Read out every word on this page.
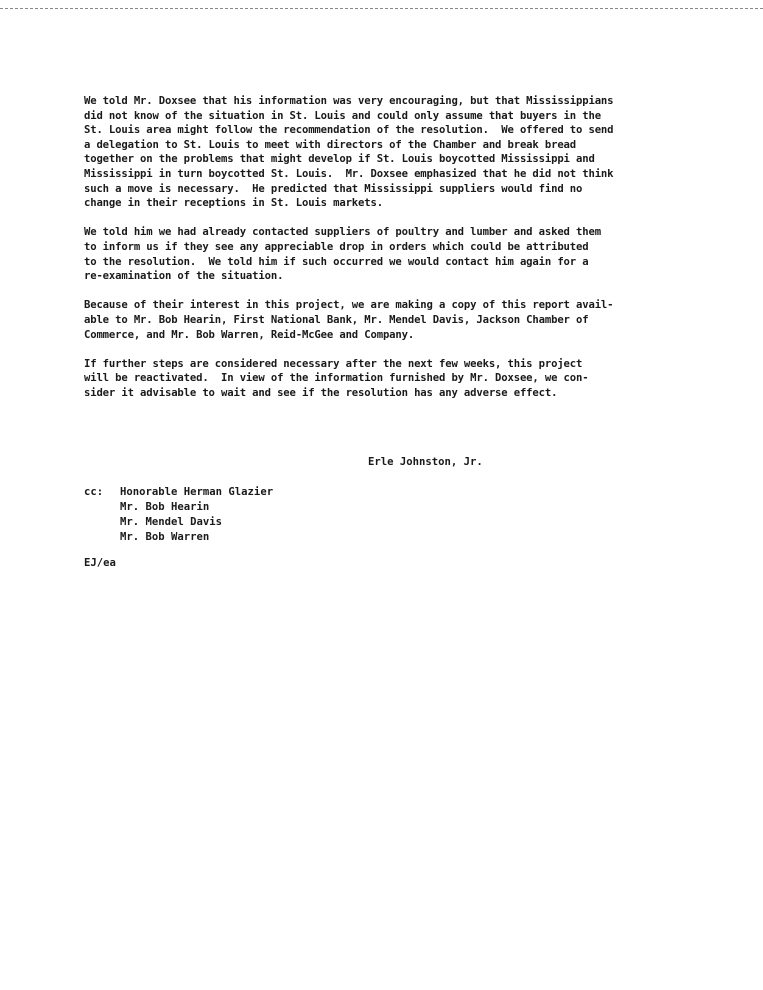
We told Mr. Doxsee that his information was very encouraging, but that Mississippians
did not know of the situation in St. Louis and could only assume that buyers in the
St. Louis area might follow the recommendation of the resolution.  We offered to send
a delegation to St. Louis to meet with directors of the Chamber and break bread
together on the problems that might develop if St. Louis boycotted Mississippi and
Mississippi in turn boycotted St. Louis.  Mr. Doxsee emphasized that he did not think
such a move is necessary.  He predicted that Mississippi suppliers would find no
change in their receptions in St. Louis markets.

We told him we had already contacted suppliers of poultry and lumber and asked them
to inform us if they see any appreciable drop in orders which could be attributed
to the resolution.  We told him if such occurred we would contact him again for a
re-examination of the situation.

Because of their interest in this project, we are making a copy of this report avail-
able to Mr. Bob Hearin, First National Bank, Mr. Mendel Davis, Jackson Chamber of
Commerce, and Mr. Bob Warren, Reid-McGee and Company.

If further steps are considered necessary after the next few weeks, this project
will be reactivated.  In view of the information furnished by Mr. Doxsee, we con-
sider it advisable to wait and see if the resolution has any adverse effect.

Erle Johnston, Jr.
cc: Honorable Herman Glazier
Mr. Bob Hearin
Mr. Mendel Davis
Mr. Bob Warren
EJ/ea
